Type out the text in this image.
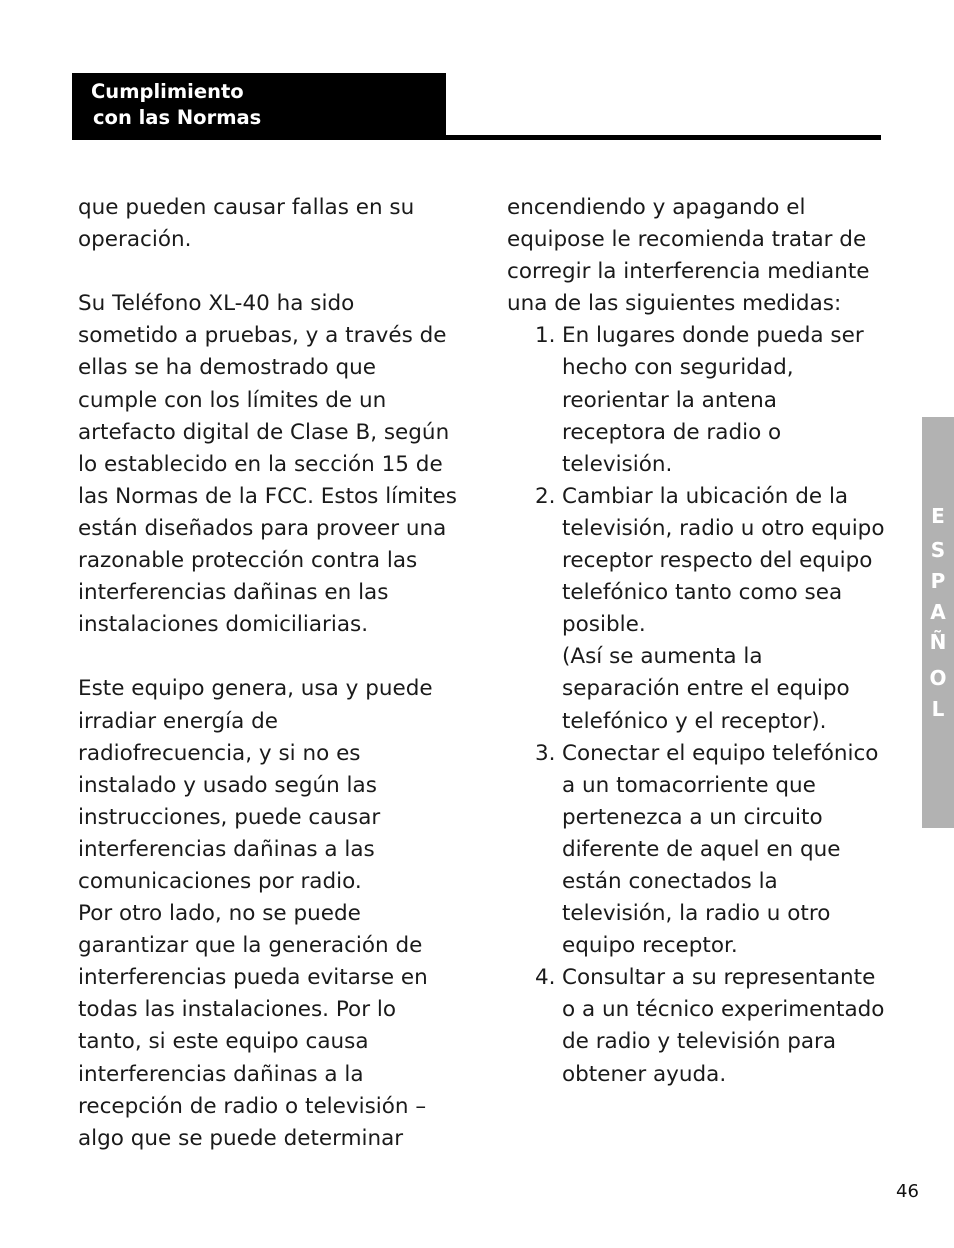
Cumplimiento
con las Normas

que pueden causar fallas en su operación.

Su Teléfono XL-40 ha sido sometido a pruebas, y a través de ellas se ha demostrado que cumple con los límites de un artefacto digital de Clase B, según lo establecido en la sección 15 de las Normas de la FCC. Estos límites están diseñados para proveer una razonable protección contra las interferencias dañinas en las instalaciones domiciliarias.

Este equipo genera, usa y puede irradiar energía de radiofrecuencia, y si no es instalado y usado según las instrucciones, puede causar interferencias dañinas a las comunicaciones por radio.

Por otro lado, no se puede garantizar que la generación de interferencias pueda evitarse en todas las instalaciones. Por lo tanto, si este equipo causa interferencias dañinas a la recepción de radio o televisión –algo que se puede determinar

encendiendo y apagando el equipose le recomienda tratar de corregir la interferencia mediante una de las siguientes medidas:

1. En lugares donde pueda ser hecho con seguridad, reorientar la antena receptora de radio o televisión.
2. Cambiar la ubicación de la televisión, radio u otro equipo receptor respecto del equipo telefónico tanto como sea posible.
(Así se aumenta la separación entre el equipo telefónico y el receptor).
3. Conectar el equipo telefónico a un tomacorriente que pertenezca a un circuito diferente de aquel en que están conectados la televisión, la radio u otro equipo receptor.
4. Consultar a su representante o a un técnico experimentado de radio y televisión para obtener ayuda.
E
S
P
A
Ñ
O
L
46
